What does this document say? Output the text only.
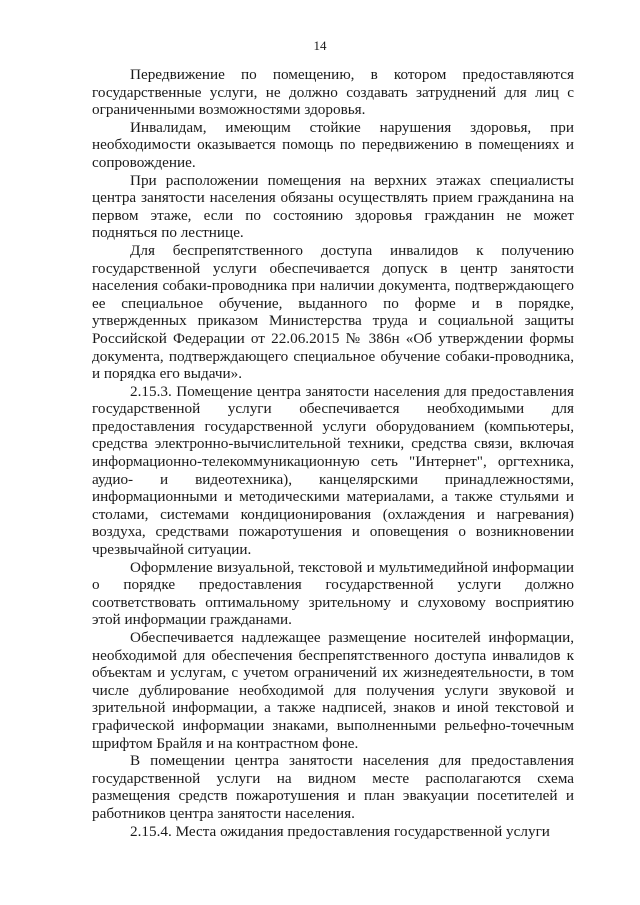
14

Передвижение по помещению, в котором предоставляются государственные услуги, не должно создавать затруднений для лиц с ограниченными возможностями здоровья.

Инвалидам, имеющим стойкие нарушения здоровья, при необходимости оказывается помощь по передвижению в помещениях и сопровождение.

При расположении помещения на верхних этажах специалисты центра занятости населения обязаны осуществлять прием гражданина на первом этаже, если по состоянию здоровья гражданин не может подняться по лестнице.

Для беспрепятственного доступа инвалидов к получению государственной услуги обеспечивается допуск в центр занятости населения собаки-проводника при наличии документа, подтверждающего ее специальное обучение, выданного по форме и в порядке, утвержденных приказом Министерства труда и социальной защиты Российской Федерации от 22.06.2015 № 386н «Об утверждении формы документа, подтверждающего специальное обучение собаки-проводника, и порядка его выдачи».

2.15.3. Помещение центра занятости населения для предоставления государственной услуги обеспечивается необходимыми для предоставления государственной услуги оборудованием (компьютеры, средства электронно-вычислительной техники, средства связи, включая информационно-телекоммуникационную сеть "Интернет", оргтехника, аудио- и видеотехника), канцелярскими принадлежностями, информационными и методическими материалами, а также стульями и столами, системами кондиционирования (охлаждения и нагревания) воздуха, средствами пожаротушения и оповещения о возникновении чрезвычайной ситуации.

Оформление визуальной, текстовой и мультимедийной информации о порядке предоставления государственной услуги должно соответствовать оптимальному зрительному и слуховому восприятию этой информации гражданами.

Обеспечивается надлежащее размещение носителей информации, необходимой для обеспечения беспрепятственного доступа инвалидов к объектам и услугам, с учетом ограничений их жизнедеятельности, в том числе дублирование необходимой для получения услуги звуковой и зрительной информации, а также надписей, знаков и иной текстовой и графической информации знаками, выполненными рельефно-точечным шрифтом Брайля и на контрастном фоне.

В помещении центра занятости населения для предоставления государственной услуги на видном месте располагаются схема размещения средств пожаротушения и план эвакуации посетителей и работников центра занятости населения.

2.15.4. Места ожидания предоставления государственной услуги
